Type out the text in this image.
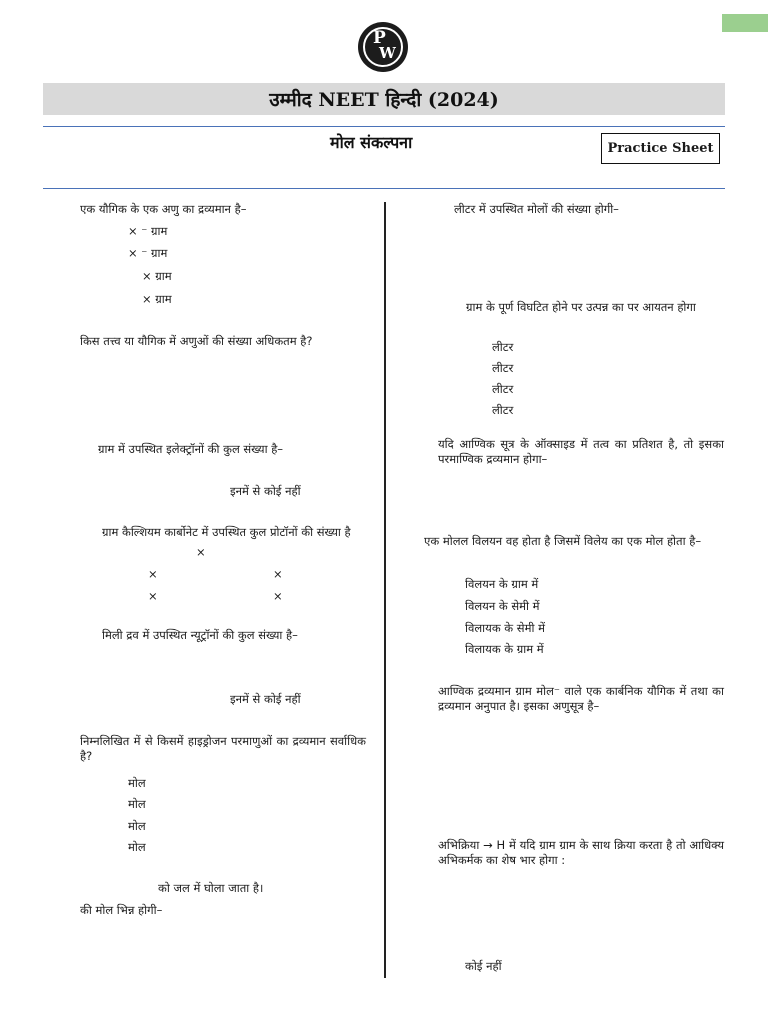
P
W
उम्मीद NEET हिन्दी (2024)
मोल संकल्पना	Practice Sheet
एक यौगिक के एक अणु का द्रव्यमान है–
× ⁻ ग्राम
× ⁻ ग्राम
× ग्राम
× ग्राम
किस तत्त्व या यौगिक में अणुओं की संख्या अधिकतम है?
ग्राम में उपस्थित इलेक्ट्रॉनों की कुल संख्या है–
इनमें से कोई नहीं
ग्राम कैल्शियम कार्बोनेट में उपस्थित कुल प्रोटॉनों की संख्या है
×
×	×
×	×
मिली द्रव में उपस्थित न्यूट्रॉनों की कुल संख्या है–
इनमें से कोई नहीं
निम्नलिखित में से किसमें हाइड्रोजन परमाणुओं का द्रव्यमान सर्वाधिक है?
मोल
मोल
मोल
मोल
को जल में घोला जाता है।
की मोल भिन्न होगी–
लीटर में उपस्थित मोलों की संख्या होगी–
ग्राम के पूर्ण विघटित होने पर उत्पन्न का पर आयतन होगा
लीटर
लीटर
लीटर
लीटर
यदि आण्विक सूत्र के ऑक्साइड में तत्व का प्रतिशत है, तो इसका परमाण्विक द्रव्यमान होगा–
एक मोलल विलयन वह होता है जिसमें विलेय का एक मोल होता है–
विलयन के ग्राम में
विलयन के सेमी में
विलायक के सेमी में
विलायक के ग्राम में
आण्विक द्रव्यमान ग्राम मोल⁻ वाले एक कार्बनिक यौगिक में तथा का द्रव्यमान अनुपात है। इसका अणुसूत्र है–
अभिक्रिया → H में यदि ग्राम ग्राम के साथ क्रिया करता है तो आधिक्य अभिकर्मक का शेष भार होगा :
कोई नहीं
